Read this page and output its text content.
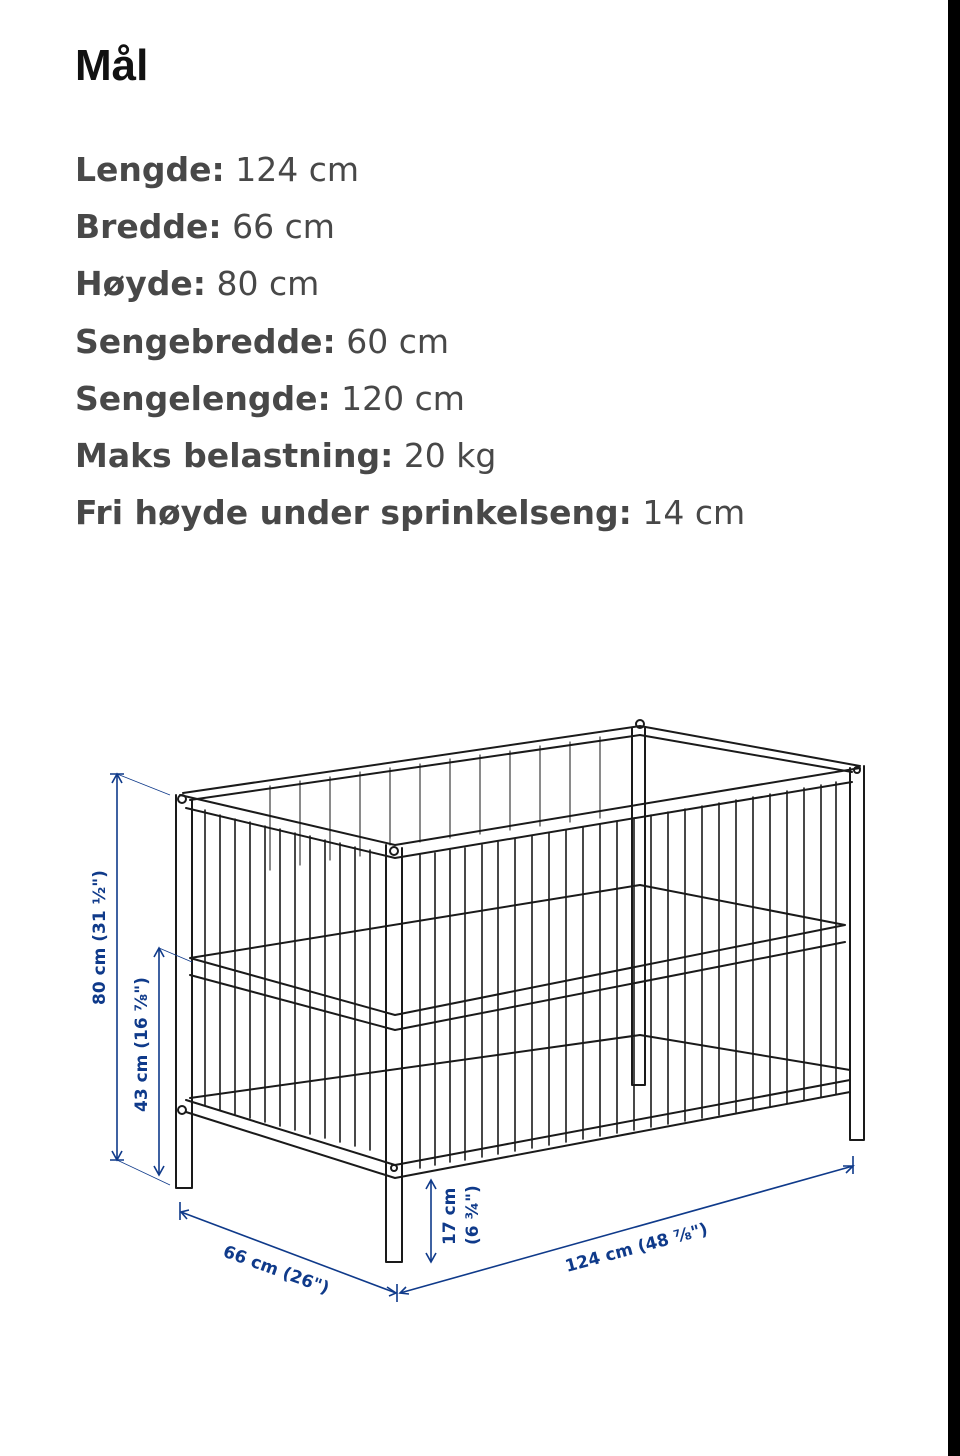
Mål
Lengde: 124 cm
Bredde: 66 cm
Høyde: 80 cm
Sengebredde: 60 cm
Sengelengde: 120 cm
Maks belastning: 20 kg
Fri høyde under sprinkelseng: 14 cm
80 cm (31 ½")
43 cm (16 ⅞")
17 cm (6 ¾")
66 cm (26")	124 cm (48 ⅞")
